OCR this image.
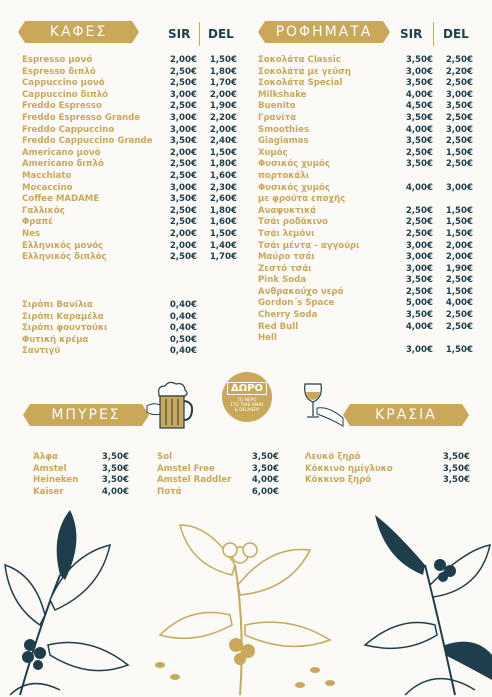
ΚΑΦΕΣ	SIR DEL
Espresso μονό	2,00€	1,50€
Espresso διπλό	2,50€	1,80€
Cappuccino μονό	2,50€	1,70€
Cappuccino διπλό	3,00€	2,00€
Freddo Espresso	2,50€	1,90€
Freddo Espresso Grande	3,00€	2,20€
Freddo Cappuccino	3,00€	2,00€
Freddo Cappuccino Grande	3,50€	2,40€
Americano μονό	2,00€	1,50€
Americano διπλό	2,50€	1,80€
Macchiato	2,50€	1,60€
Mocaccino	3,00€	2,30€
Coffee MADAME	3,50€	2,60€
Γαλλικός	2,50€	1,80€
Φραπέ	2,50€	1,60€
Nes	2,00€	1,50€
Ελληνικός μονός	2,00€	1,40€
Ελληνικός διπλός	2,50€	1,70€
Σιρόπι Βανίλια	0,40€
Σιρόπι Καραμέλα	0,40€
Σιρόπι φουντούκι	0,40€
Φυτική κρέμα	0,50€
Σαντιγύ	0,40€
ΡΟΦΗΜΑΤΑ SIR DEL
Σοκολάτα Classic	3,50€	2,50€
Σοκολάτα με γεύση	3,00€	2,20€
Σοκολάτα Special	3,50€	2,50€
Milkshake	4,00€	3,00€
Buenito	4,50€	3,50€
Γρανίτα	3,50€	2,50€
Smoothies	4,00€	3,00€
Giagiamas	3,50€	2,50€
Χυμός	2,50€	1,50€
Φυσικός χυμός	3,50€	2,50€
πορτοκάλι
Φυσικός χυμός	4,00€	3,00€
με φρούτα εποχής
Αναψυκτικά	2,50€	1,50€
Τσάι ροδάκινο	2,50€	1,50€
Τσάι λεμόνι	2,50€	1,50€
Τσάι μέντα - αγγούρι	3,00€	2,00€
Μαύρο τσάι	3,00€	2,00€
Ζεστό τσάι	3,00€	1,90€
Pink Soda	3,50€	2,50€
Ανθρακούχο νερό	2,50€	1,50€
Gordon΄s Space	5,00€	4,00€
Cherry Soda	3,50€	2,50€
Red Bull	4,00€	2,50€
Hell
3,00€	1,50€
ΔΩΡΟ
ΤΟ ΝΕΡΟ
ΣΤΟ TAKE AWAY
& DELIVERY
ΜΠΥΡΕΣ	ΚΡΑΣΙΑ
Άλφα	3,50€
Amstel	3,50€
Heineken	3,50€
Kaiser	4,00€
Sol	3,50€
Amstel Free	3,50€
Amstel Raddler	4,00€
Ποτά	6,00€
Λευκό ξηρό	3,50€
Κόκκινο ημίγλυκο	3,50€
Κόκκινο ξηρό	3,50€
